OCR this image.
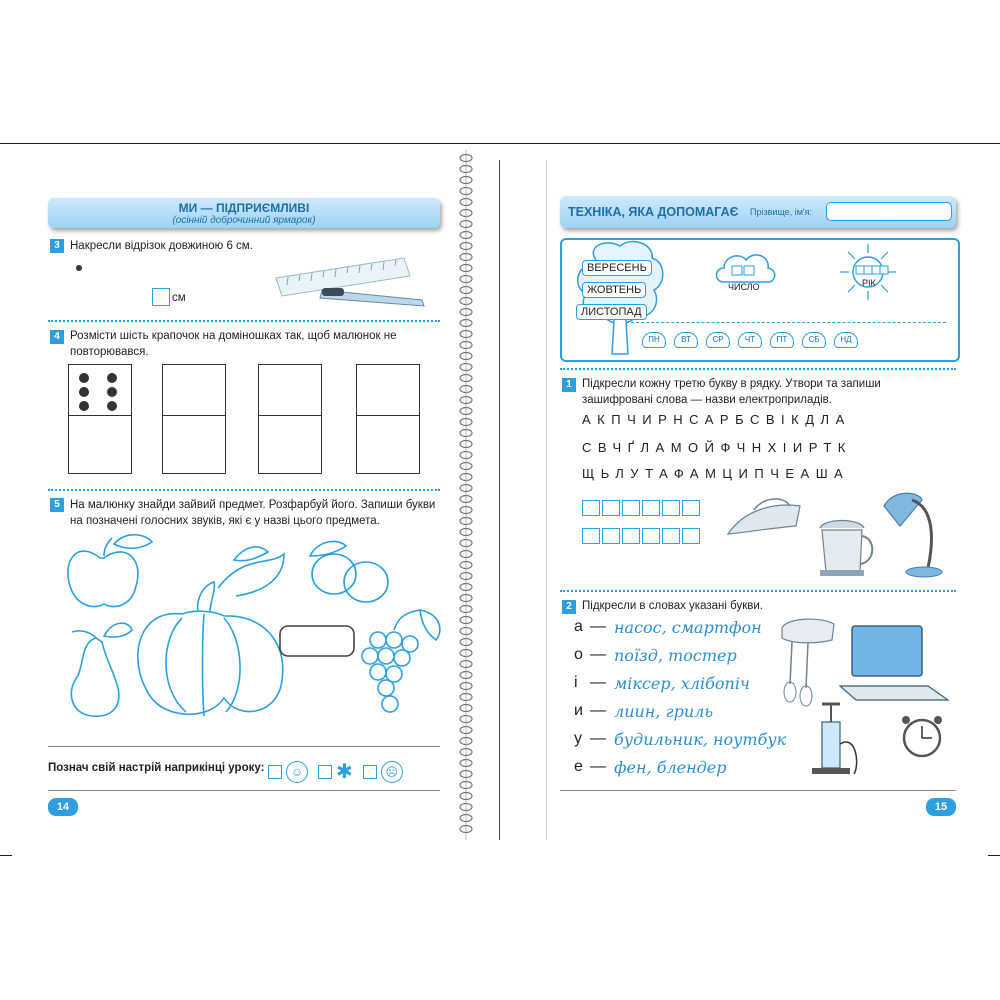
МИ — ПІДПРИЄМЛИВІ
(осінній доброчинний ярмарок)
3 Накресли відрізок довжиною 6 см.
см
4 Розмісти шість крапочок на доміношках так, щоб малюнок не повторювався.
5 На малюнку знайди зайвий предмет. Розфарбуй його. Запиши букви на позначені голосних звуків, які є у назві цього предмета.
Познач свій настрій наприкінці уроку:	☺ ✱	☹
14
ТЕХНІКА, ЯКА ДОПОМАГАЄ Прізвище, ім'я:
ВЕРЕСЕНЬ
ЖОВТЕНЬ
ЛИСТОПАД
ЧИСЛО	РІК
ПН	ВТ	СР	ЧТ	ПТ	СБ	НД
1 Підкресли кожну третю букву в рядку. Утвори та запиши зашифровані слова — назви електроприладів.
АКПЧИРНСАРБСВІКДЛА
СВЧҐЛАМОЙФЧНХІИРТК
ЩЬЛУТАФАМЦИПЧЕАША
2 Підкресли в словах указані букви.
а — насос, смартфон
о — поїзд, тостер
і — міксер, хлібопіч
и — лиин, гриль
у — будильник, ноутбук
е — фен, блендер
15
